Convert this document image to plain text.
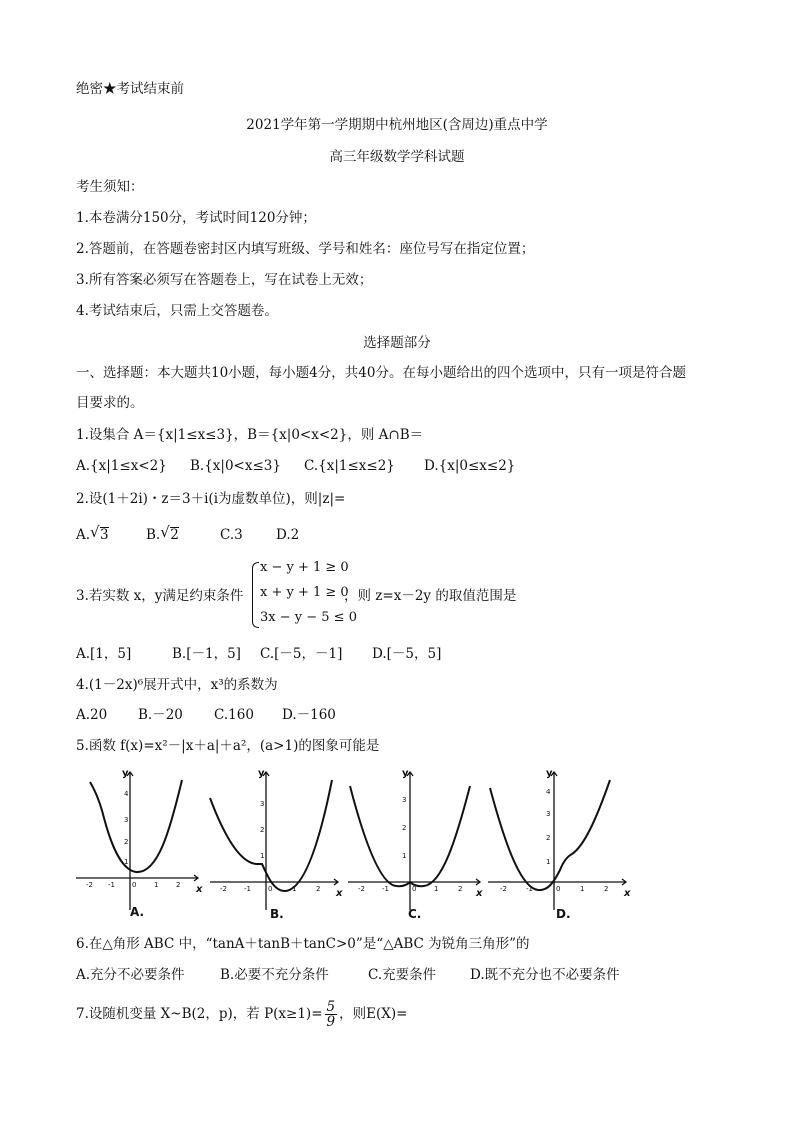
绝密★考试结束前
2021学年第一学期期中杭州地区(含周边)重点中学
高三年级数学学科试题
考生须知：
1.本卷满分150分，考试时间120分钟；
2.答题前，在答题卷密封区内填写班级、学号和姓名：座位号写在指定位置；
3.所有答案必须写在答题卷上，写在试卷上无效；
4.考试结束后，只需上交答题卷。
选择题部分
一、选择题：本大题共10小题，每小题4分，共40分。在每小题给出的四个选项中，只有一项是符合题
目要求的。
1.设集合 A＝{x|1≤x≤3}，B＝{x|0<x<2}，则 A∩B＝
A.{x|1≤x<2} B.{x|0<x≤3} C.{x|1≤x≤2} D.{x|0≤x≤2}
2.设(1＋2i)・z＝3＋i(i为虚数单位)，则|z|=
A. √ 3	B. √ 2	C.3 D.2
3.若实数 x，y满足约束条件
x − y + 1 ≥ 0
x + y + 1 ≥ 0
3x − y − 5 ≤ 0
，则 z=x－2y 的取值范围是
A.[1，5]	B.[－1，5] C.[－5，－1] D.[－5，5]
4.(1－2x)⁶展开式中，x³的系数为
A.20 B.－20 C.160 D.－160
5.函数 f(x)=x²－|x＋a|＋a²，(a>1)的图象可能是
y
x
4
3
2
1
-2 -1 0	1	2
A.
y
x
3
2
1
-2 -1 0	1	2
B.
y
x
3
2
1
-2 -1	0	1	2
C.
y
x
4
3
2
1
-2	-1	0	1	2
D.
6.在△角形 ABC 中，“tanA＋tanB＋tanC>0”是“△ABC 为锐角三角形”的
A.充分不必要条件	B.必要不充分条件	C.充要条件	D.既不充分也不必要条件
7.设随机变量 X~B(2，p)，若 $P(x\ge 1)= \frac{5}{9}$ ，则E(X)=
